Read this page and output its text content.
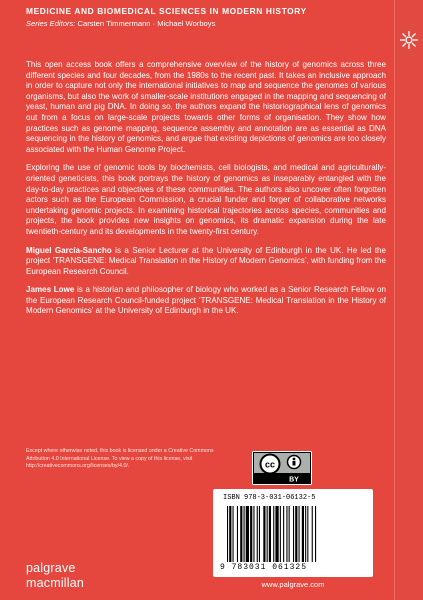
MEDICINE AND BIOMEDICAL SCIENCES IN MODERN HISTORY
Series Editors: Carsten Timmermann · Michael Worboys

This open access book offers a comprehensive overview of the history of genomics across three different species and four decades, from the 1980s to the recent past. It takes an inclusive approach in order to capture not only the international initiatives to map and sequence the genomes of various organisms, but also the work of smaller-scale institutions engaged in the mapping and sequencing of yeast, human and pig DNA. In doing so, the authors expand the historiographical lens of genomics out from a focus on large-scale projects towards other forms of organisation. They show how practices such as genome mapping, sequence assembly and annotation are as essential as DNA sequencing in the history of genomics, and argue that existing depictions of genomics are too closely associated with the Human Genome Project.

Exploring the use of genomic tools by biochemists, cell biologists, and medical and agriculturally-oriented geneticists, this book portrays the history of genomics as inseparably entangled with the day-to-day practices and objectives of these communities. The authors also uncover often forgotten actors such as the European Commission, a crucial funder and forger of collaborative networks undertaking genomic projects. In examining historical trajectories across species, communities and projects, the book provides new insights on genomics, its dramatic expansion during the late twentieth-century and its developments in the twenty-first century.

Miguel García-Sancho is a Senior Lecturer at the University of Edinburgh in the UK. He led the project ‘TRANSGENE: Medical Translation in the History of Modern Genomics’, with funding from the European Research Council.

James Lowe is a historian and philosopher of biology who worked as a Senior Research Fellow on the European Research Council-funded project ‘TRANSGENE: Medical Translation in the History of Modern Genomics’ at the University of Edinburgh in the UK.

Except where otherwise noted, this book is licensed under a Creative Commons Attribution 4.0 International License. To view a copy of this license, visit http://creativecommons.org/licenses/by/4.0/.	cc
BY
ISBN 978-3-031-06132-5
9 783031 061325
www.palgrave.com
palgrave
macmillan
